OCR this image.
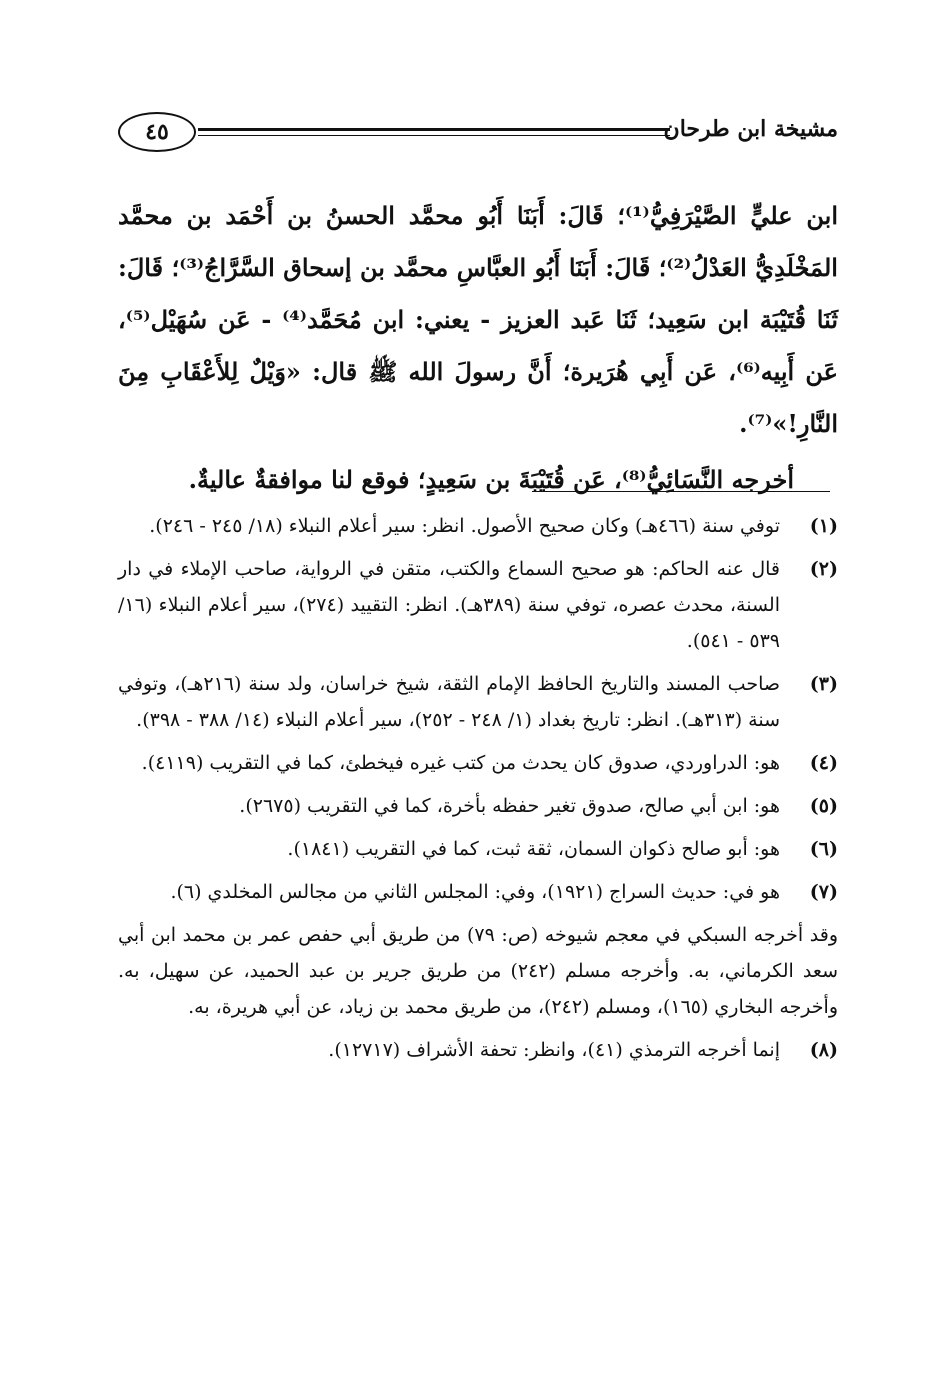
٤٥	مشيخة ابن طرحان

ابن عليٍّ الصَّيْرَفِيُّ⁽¹⁾؛ قَالَ: أَبَنَا أَبُو محمَّد الحسنُ بن أَحْمَد بن محمَّد المَخْلَدِيُّ العَدْلُ⁽²⁾؛ قَالَ: أَبَنَا أَبُو العبَّاسِ محمَّد بن إسحاق السَّرَّاجُ⁽³⁾؛ قَالَ: ثَنَا قُتَيْبَة ابن سَعِيد؛ ثَنَا عَبد العزيز - يعني: ابن مُحَمَّد⁽⁴⁾ - عَن سُهَيْل⁽⁵⁾، عَن أَبِيه⁽⁶⁾، عَن أَبِي هُرَيرة؛ أَنَّ رسولَ الله ﷺ قال: «وَيْلٌ لِلأَعْقَابِ مِنَ النَّارِ!»⁽⁷⁾.

أخرجه النَّسَائِيُّ⁽⁸⁾، عَن قُتَيْبَةَ بن سَعِيدٍ؛ فوقع لنا موافقةٌ عاليةٌ.

(١)
توفي سنة (٤٦٦هـ) وكان صحيح الأصول. انظر: سير أعلام النبلاء (١٨/ ٢٤٥ - ٢٤٦).
(٢)
قال عنه الحاكم: هو صحيح السماع والكتب، متقن في الرواية، صاحب الإملاء في دار السنة، محدث عصره، توفي سنة (٣٨٩هـ). انظر: التقييد (٢٧٤)، سير أعلام النبلاء (١٦/ ٥٣٩ - ٥٤١).
(٣)
صاحب المسند والتاريخ الحافظ الإمام الثقة، شيخ خراسان، ولد سنة (٢١٦هـ)، وتوفي سنة (٣١٣هـ). انظر: تاريخ بغداد (١/ ٢٤٨ - ٢٥٢)، سير أعلام النبلاء (١٤/ ٣٨٨ - ٣٩٨).
(٤)
هو: الدراوردي، صدوق كان يحدث من كتب غيره فيخطئ، كما في التقريب (٤١١٩).
(٥)
هو: ابن أبي صالح، صدوق تغير حفظه بأخرة، كما في التقريب (٢٦٧٥).
(٦)
هو: أبو صالح ذكوان السمان، ثقة ثبت، كما في التقريب (١٨٤١).
(٧)
هو في: حديث السراج (١٩٢١)، وفي: المجلس الثاني من مجالس المخلدي (٦).
وقد أخرجه السبكي في معجم شيوخه (ص: ٧٩) من طريق أبي حفص عمر بن محمد ابن أبي سعد الكرماني، به. وأخرجه مسلم (٢٤٢) من طريق جرير بن عبد الحميد، عن سهيل، به. وأخرجه البخاري (١٦٥)، ومسلم (٢٤٢)، من طريق محمد بن زياد، عن أبي هريرة، به.
(٨)
إنما أخرجه الترمذي (٤١)، وانظر: تحفة الأشراف (١٢٧١٧).
